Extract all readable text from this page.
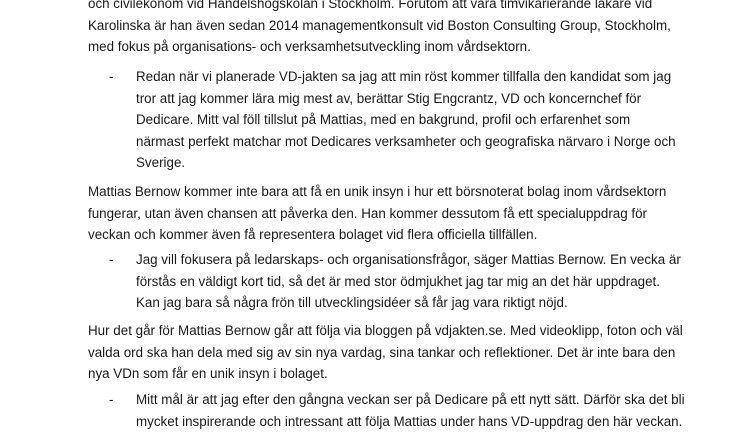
och civilekonom vid Handelshögskolan i Stockholm. Förutom att vara timvikarierande läkare vid
Karolinska är han även sedan 2014 managementkonsult vid Boston Consulting Group, Stockholm,
med fokus på organisations- och verksamhetsutveckling inom vårdsektorn.

- Redan när vi planerade VD-jakten sa jag att min röst kommer tillfalla den kandidat som jag
tror att jag kommer lära mig mest av, berättar Stig Engcrantz, VD och koncernchef för
Dedicare. Mitt val föll tillslut på Mattias, med en bakgrund, profil och erfarenhet som
närmast perfekt matchar mot Dedicares verksamheter och geografiska närvaro i Norge och
Sverige.

Mattias Bernow kommer inte bara att få en unik insyn i hur ett börsnoterat bolag inom vårdsektorn
fungerar, utan även chansen att påverka den. Han kommer dessutom få ett specialuppdrag för
veckan och kommer även få representera bolaget vid flera officiella tillfällen.

- Jag vill fokusera på ledarskaps- och organisationsfrågor, säger Mattias Bernow. En vecka är
förstås en väldigt kort tid, så det är med stor ödmjukhet jag tar mig an det här uppdraget.
Kan jag bara så några frön till utvecklingsidéer så får jag vara riktigt nöjd.

Hur det går för Mattias Bernow går att följa via bloggen på vdjakten.se. Med videoklipp, foton och väl
valda ord ska han dela med sig av sin nya vardag, sina tankar och reflektioner. Det är inte bara den
nya VDn som får en unik insyn i bolaget.

- Mitt mål är att jag efter den gångna veckan ser på Dedicare på ett nytt sätt. Därför ska det bli
mycket inspirerande och intressant att följa Mattias under hans VD-uppdrag den här veckan.
